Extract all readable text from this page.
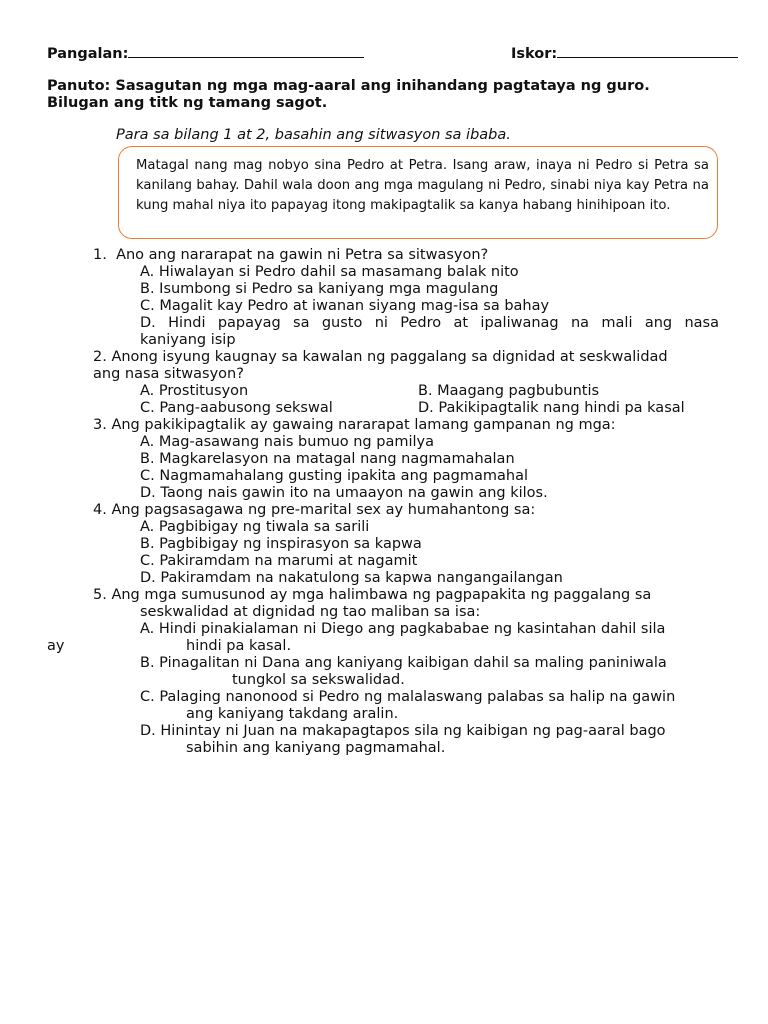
Pangalan:	Iskor:
Panuto: Sasagutan ng mga mag-aaral ang inihandang pagtataya ng guro.
Bilugan ang titk ng tamang sagot.
Para sa bilang 1 at 2, basahin ang sitwasyon sa ibaba.
Matagal nang mag nobyo sina Pedro at Petra. Isang araw, inaya ni Pedro si Petra sa kanilang bahay. Dahil wala doon ang mga magulang ni Pedro, sinabi niya kay Petra na kung mahal niya ito papayag itong makipagtalik sa kanya habang hinihipoan ito.
1. Ano ang nararapat na gawin ni Petra sa sitwasyon?
A. Hiwalayan si Pedro dahil sa masamang balak nito
B. Isumbong si Pedro sa kaniyang mga magulang
C. Magalit kay Pedro at iwanan siyang mag-isa sa bahay
D. Hindi papayag sa gusto ni Pedro at ipaliwanag na mali ang nasa
kaniyang isip
2. Anong isyung kaugnay sa kawalan ng paggalang sa dignidad at seskwalidad
ang nasa sitwasyon?
A. Prostitusyon	B. Maagang pagbubuntis
C. Pang-aabusong sekswal	D. Pakikipagtalik nang hindi pa kasal
3. Ang pakikipagtalik ay gawaing nararapat lamang gampanan ng mga:
A. Mag-asawang nais bumuo ng pamilya
B. Magkarelasyon na matagal nang nagmamahalan
C. Nagmamahalang gusting ipakita ang pagmamahal
D. Taong nais gawin ito na umaayon na gawin ang kilos.
4. Ang pagsasagawa ng pre-marital sex ay humahantong sa:
A. Pagbibigay ng tiwala sa sarili
B. Pagbibigay ng inspirasyon sa kapwa
C. Pakiramdam na marumi at nagamit
D. Pakiramdam na nakatulong sa kapwa nangangailangan
5. Ang mga sumusunod ay mga halimbawa ng pagpapakita ng paggalang sa
seskwalidad at dignidad ng tao maliban sa isa:
A. Hindi pinakialaman ni Diego ang pagkababae ng kasintahan dahil sila
ay	hindi pa kasal.
B. Pinagalitan ni Dana ang kaniyang kaibigan dahil sa maling paniniwala
tungkol sa sekswalidad.
C. Palaging nanonood si Pedro ng malalaswang palabas sa halip na gawin
ang kaniyang takdang aralin.
D. Hinintay ni Juan na makapagtapos sila ng kaibigan ng pag-aaral bago
sabihin ang kaniyang pagmamahal.
